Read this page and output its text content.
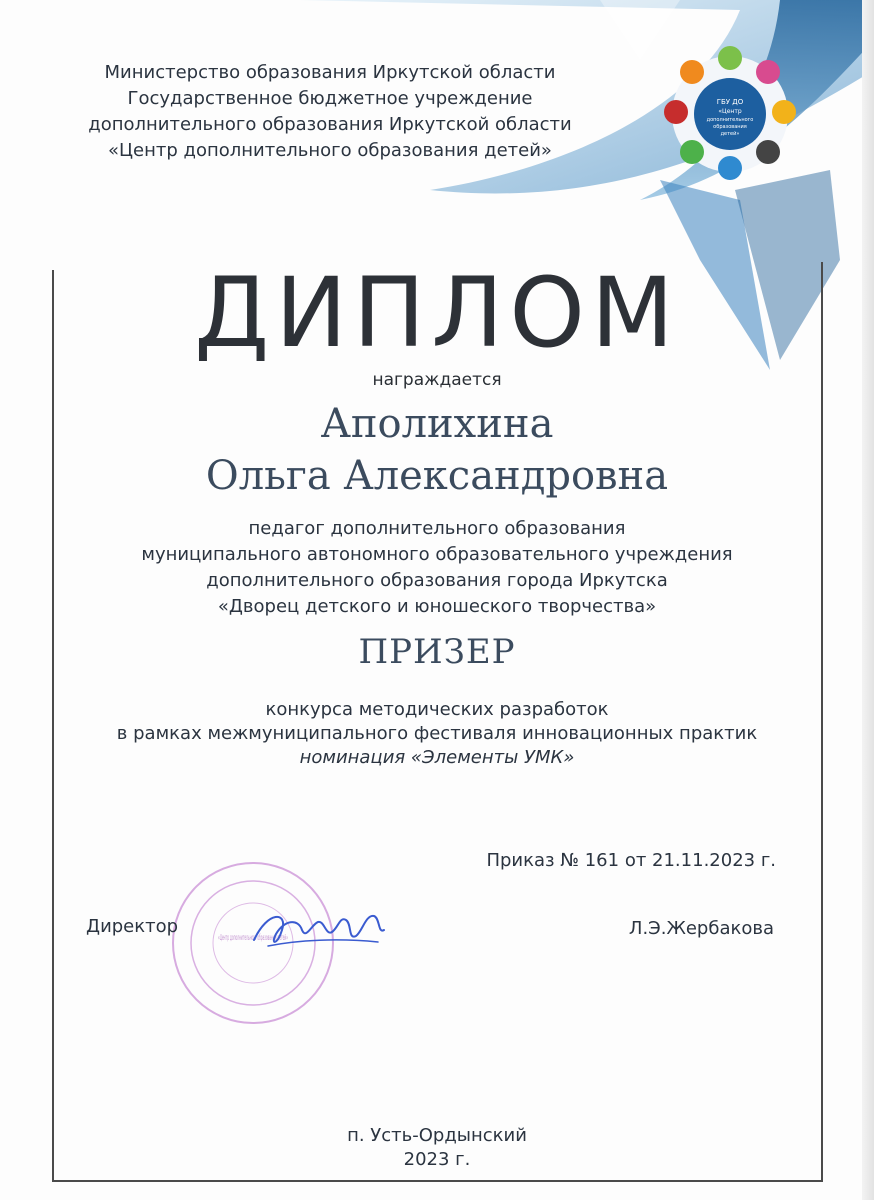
ГБУ ДО
«Центр
дополнительного
образования
детей»
Министерство образования Иркутской области
Государственное бюджетное учреждение
дополнительного образования Иркутской области
«Центр дополнительного образования детей»
ДИПЛОМ
награждается
Аполихина
Ольга Александровна
педагог дополнительного образования
муниципального автономного образовательного учреждения
дополнительного образования города Иркутска
«Дворец детского и юношеского творчества»
ПРИЗЕР
конкурса методических разработок
в рамках межмуниципального фестиваля инновационных практик
номинация «Элементы УМК»
Приказ № 161 от 21.11.2023 г.
«Центр дополнительного образования детей»
Директор	Л.Э.Жербакова
п. Усть-Ордынский
2023 г.
